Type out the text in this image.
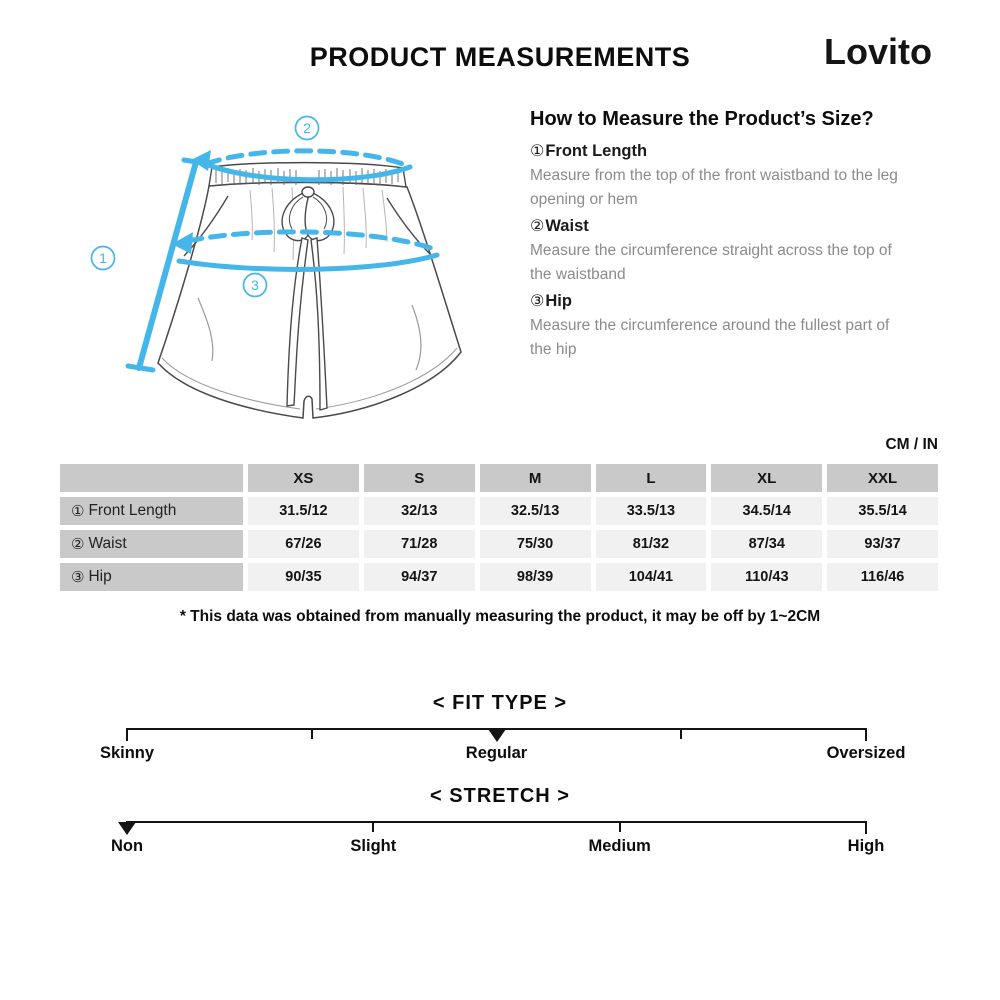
PRODUCT MEASUREMENTS	Lovito
1
2
3
How to Measure the Product’s Size?
①Front Length

Measure from the top of the front waistband to the leg opening or hem

②Waist

Measure the circumference straight across the top of the waistband

③Hip

Measure the circumference around the fullest part of the hip

CM / IN
XS	S	M	L	XL	XXL
① Front Length	31.5/12	32/13	32.5/13	33.5/13	34.5/14	35.5/14
② Waist	67/26	71/28	75/30	81/32	87/34	93/37
③ Hip	90/35	94/37	98/39	104/41	110/43	116/46

* This data was obtained from manually measuring the product, it may be off by 1~2CM

< FIT TYPE >
Skinny	Regular	Oversized
< STRETCH >
Non	Slight	Medium	High
